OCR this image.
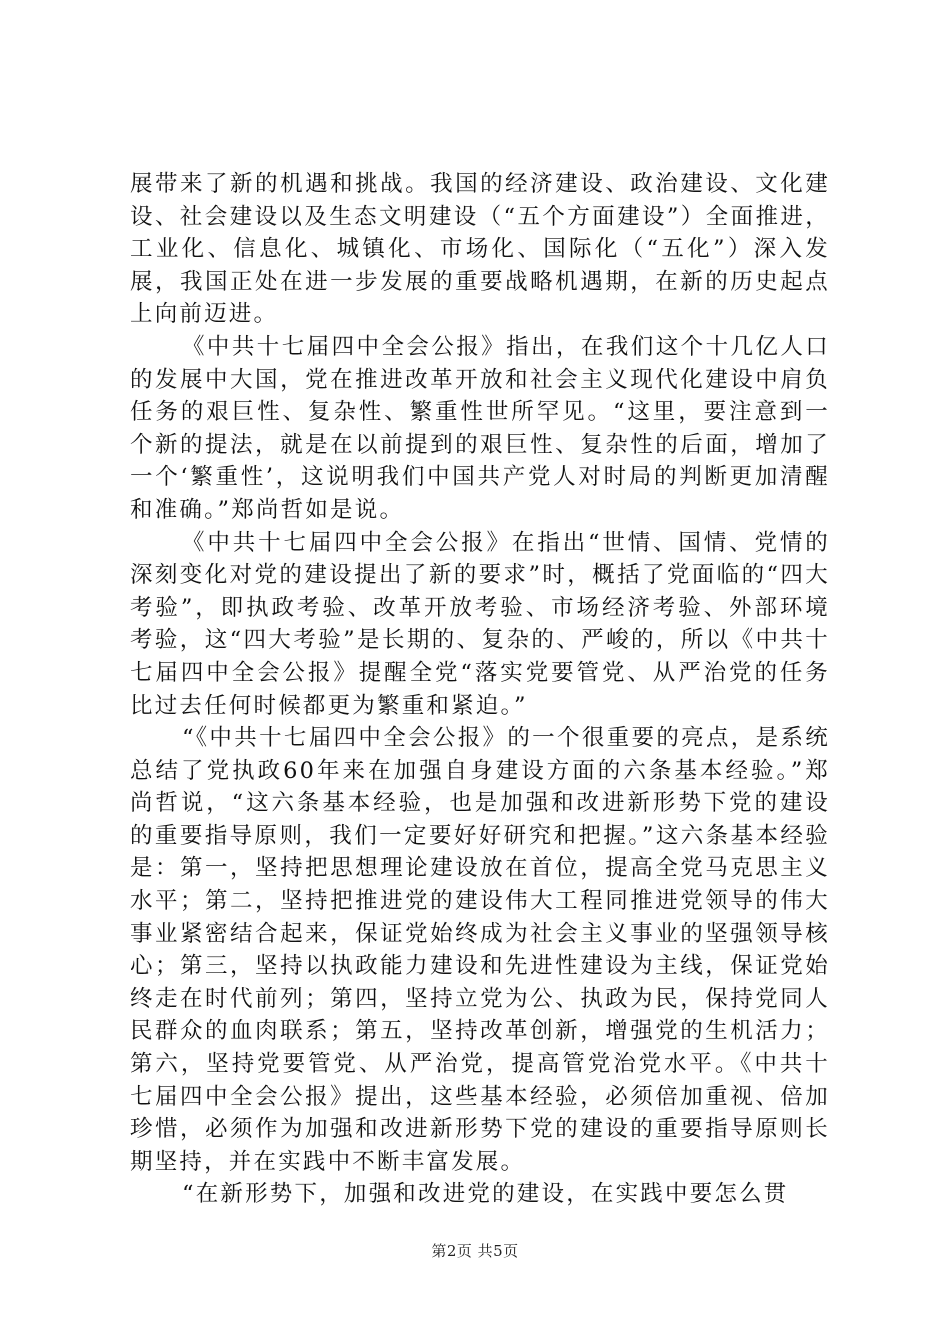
展带来了新的机遇和挑战。我国的经济建设、政治建设、文化建设、社会建设以及生态文明建设（“五个方面建设”）全面推进，工业化、信息化、城镇化、市场化、国际化（“五化”）深入发展，我国正处在进一步发展的重要战略机遇期，在新的历史起点上向前迈进。

《中共十七届四中全会公报》指出，在我们这个十几亿人口的发展中大国，党在推进改革开放和社会主义现代化建设中肩负任务的艰巨性、复杂性、繁重性世所罕见。“这里，要注意到一个新的提法，就是在以前提到的艰巨性、复杂性的后面，增加了一个‘繁重性’，这说明我们中国共产党人对时局的判断更加清醒和准确。”郑尚哲如是说。

《中共十七届四中全会公报》在指出“世情、国情、党情的深刻变化对党的建设提出了新的要求”时，概括了党面临的“四大考验”，即执政考验、改革开放考验、市场经济考验、外部环境考验，这“四大考验”是长期的、复杂的、严峻的，所以《中共十七届四中全会公报》提醒全党“落实党要管党、从严治党的任务比过去任何时候都更为繁重和紧迫。”

“《中共十七届四中全会公报》的一个很重要的亮点，是系统总结了党执政60年来在加强自身建设方面的六条基本经验。”郑尚哲说，“这六条基本经验，也是加强和改进新形势下党的建设的重要指导原则，我们一定要好好研究和把握。”这六条基本经验是：第一，坚持把思想理论建设放在首位，提高全党马克思主义水平；第二，坚持把推进党的建设伟大工程同推进党领导的伟大事业紧密结合起来，保证党始终成为社会主义事业的坚强领导核心；第三，坚持以执政能力建设和先进性建设为主线，保证党始终走在时代前列；第四，坚持立党为公、执政为民，保持党同人民群众的血肉联系；第五，坚持改革创新，增强党的生机活力；第六，坚持党要管党、从严治党，提高管党治党水平。《中共十七届四中全会公报》提出，这些基本经验，必须倍加重视、倍加珍惜，必须作为加强和改进新形势下党的建设的重要指导原则长期坚持，并在实践中不断丰富发展。

“在新形势下，加强和改进党的建设，在实践中要怎么贯

第2页 共5页
